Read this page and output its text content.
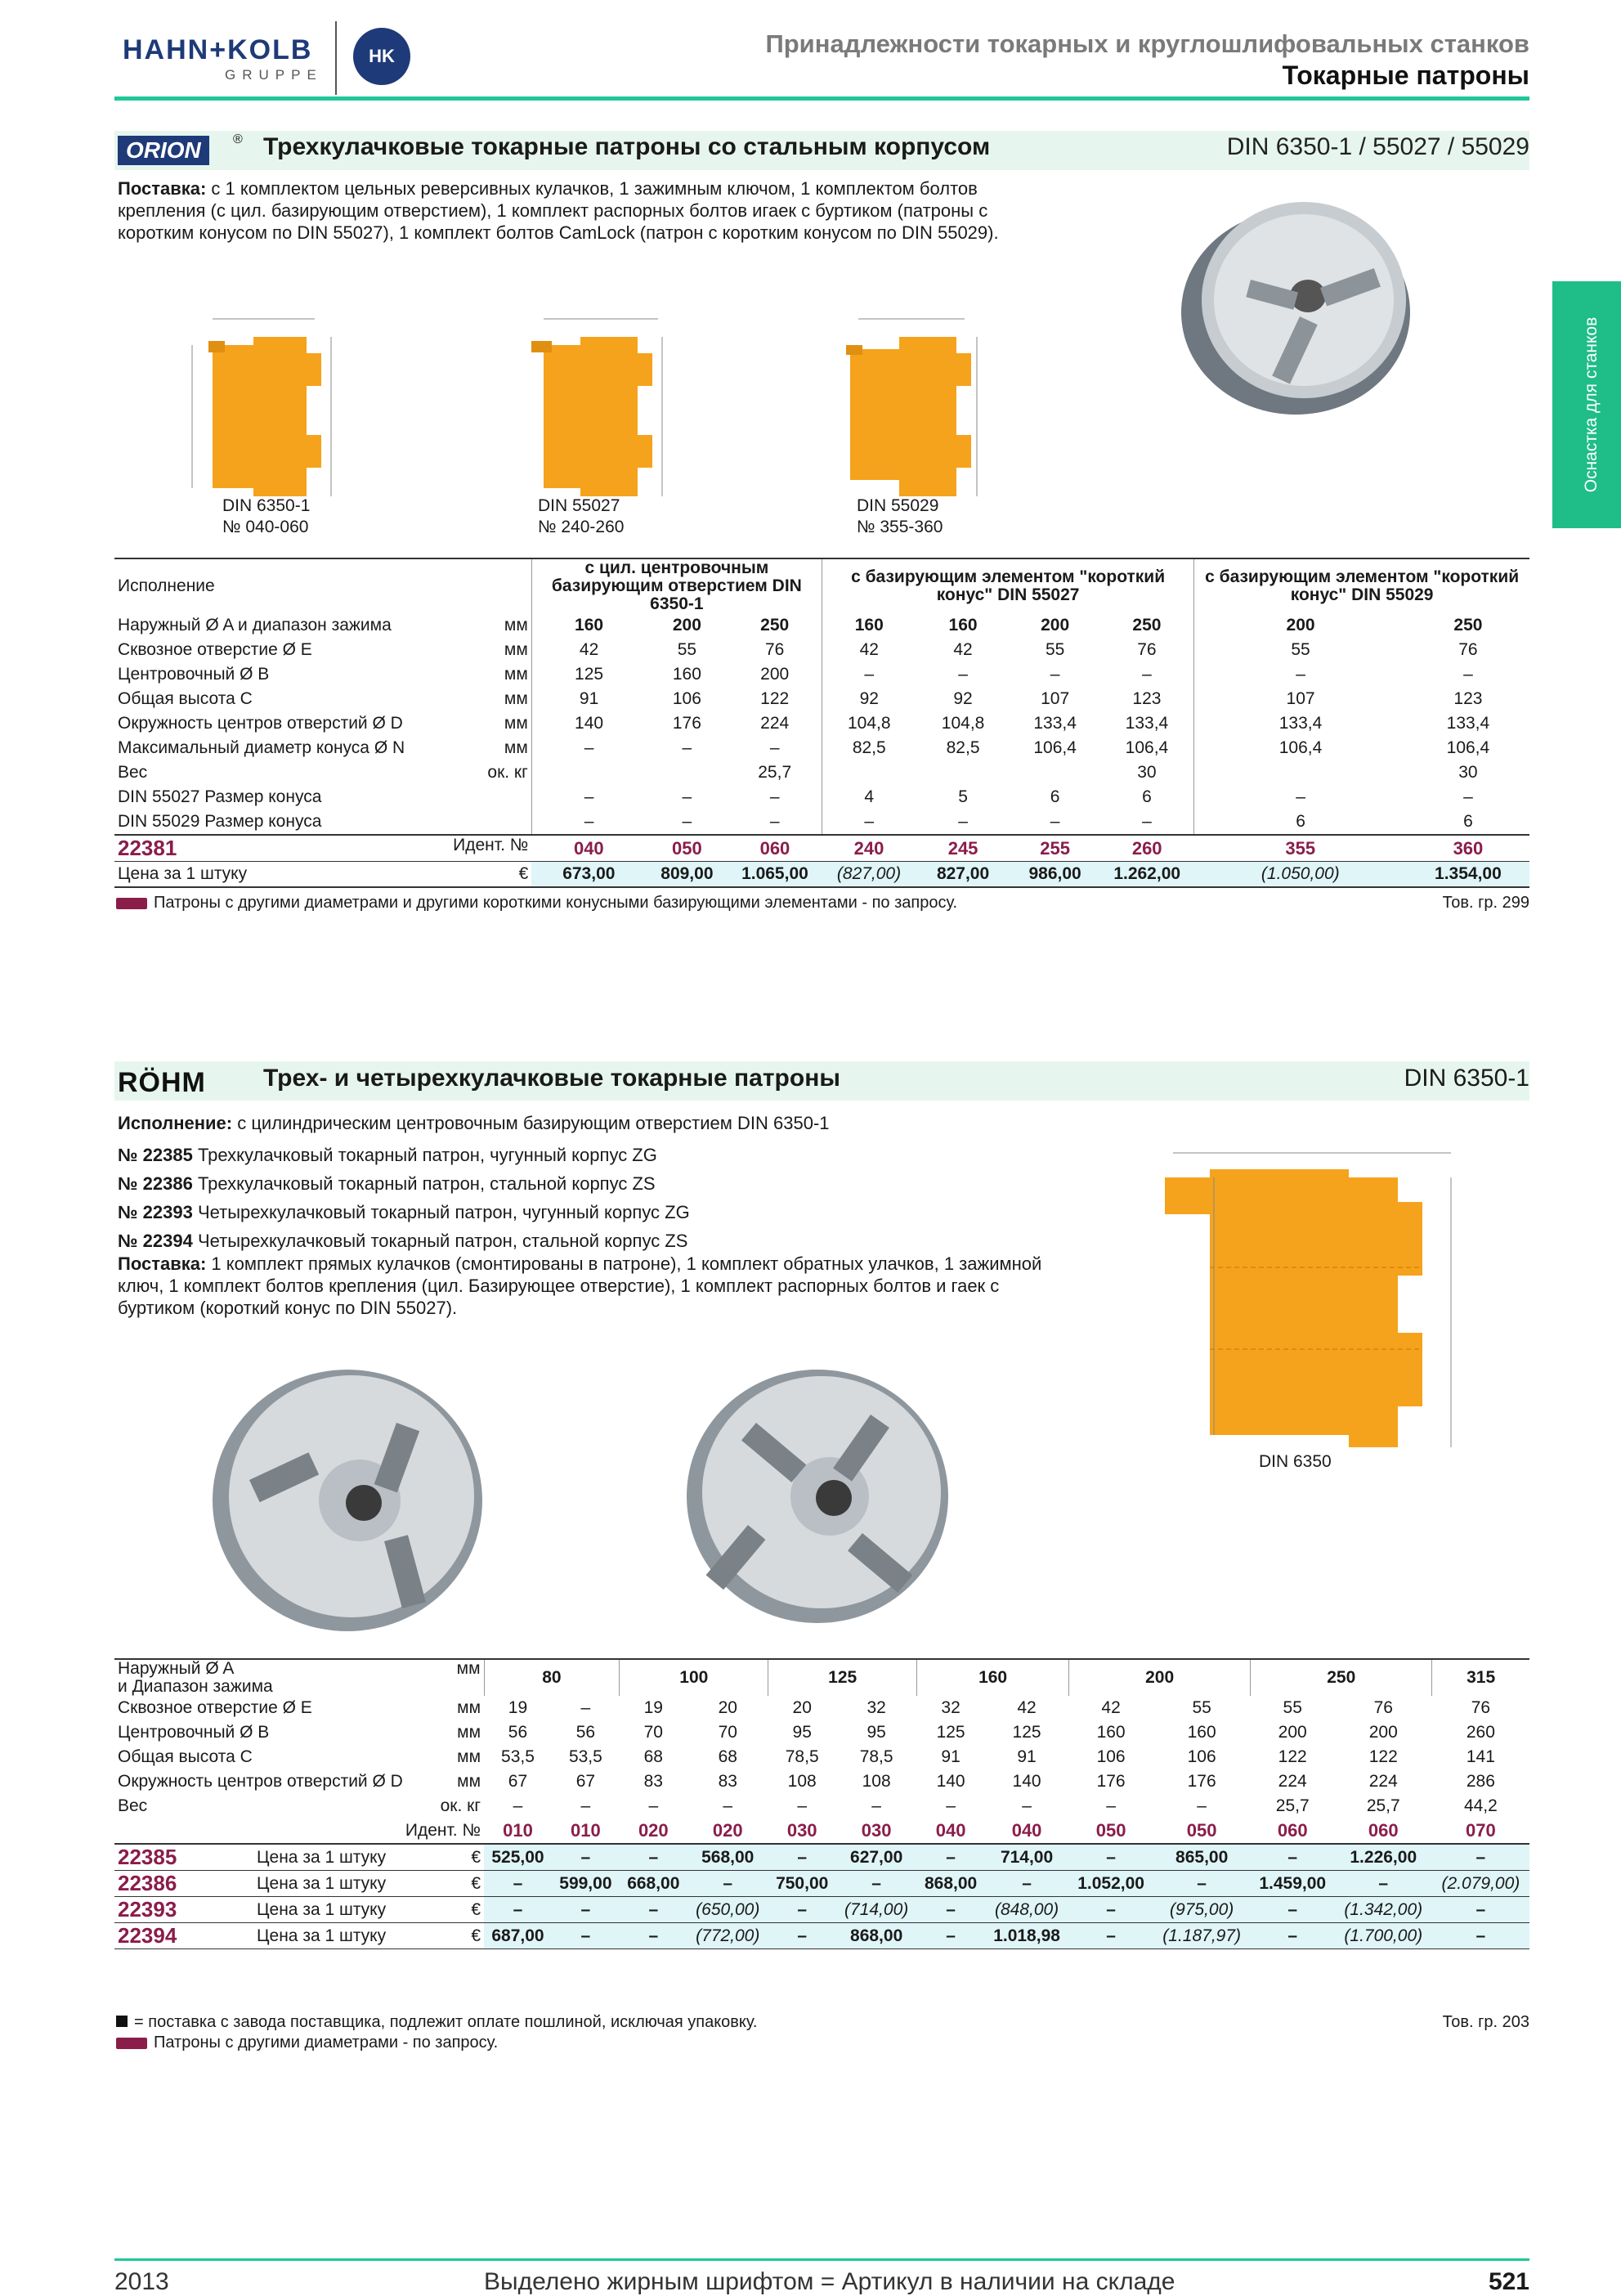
HAHN+KOLB
GRUPPE
HK	Принадлежности токарных и круглошлифовальных станков
Токарные патроны
Оснастка для станков
ORION	® Трехкулачковые токарные патроны со стальным корпусом	DIN 6350-1 / 55027 / 55029
Поставка: с 1 комплектом цельных реверсивных кулачков, 1 зажимным ключом, 1 комплектом болтов крепления (с цил. базирующим отверстием), 1 комплект распорных болтов игаек с буртиком (патроны с коротким конусом по DIN 55027), 1 комплект болтов CamLock (патрон с коротким конусом по DIN 55029).
DIN 6350-1
№ 040-060
DIN 55027
№ 240-260
DIN 55029
№ 355-360
Исполнение	с цил. центровочным базирующим отверстием DIN 6350-1			с базирующим элементом "короткий конус" DIN 55027				с базирующим элементом "короткий конус" DIN 55029	
Наружный Ø A и диапазон зажима мм	160	200	250	160	160	200	250	200	250
Сквозное отверстие Ø E мм	42	55	76	42	42	55	76	55	76
Центровочный Ø B мм	125	160	200	–	–	–	–	–	–
Общая высота C мм	91	106	122	92	92	107	123	107	123
Окружность центров отверстий Ø D мм	140	176	224	104,8	104,8	133,4	133,4	133,4	133,4
Максимальный диаметр конуса Ø N мм	–	–	–	82,5	82,5	106,4	106,4	106,4	106,4
Вес ок. кг			25,7				30		30
DIN 55027 Размер конуса	–	–	–	4	5	6	6	–	–
DIN 55029 Размер конуса	–	–	–	–	–	–	–	6	6
22381 Идент. №	040	050	060	240	245	255	260	355	360
Цена за 1 штуку €	673,00	809,00	1.065,00	(827,00)	827,00	986,00	1.262,00	(1.050,00)	1.354,00
Патроны с другими диаметрами и другими короткими конусными базирующими элементами - по запросу.	Тов. гр. 299
RÖHM Трех- и четырехкулачковые токарные патроны	DIN 6350-1
Исполнение: с цилиндрическим центровочным базирующим отверстием DIN 6350-1
№ 22385 Трехкулачковый токарный патрон, чугунный корпус ZG
№ 22386 Трехкулачковый токарный патрон, стальной корпус ZS
№ 22393 Четырехкулачковый токарный патрон, чугунный корпус ZG
№ 22394 Четырехкулачковый токарный патрон, стальной корпус ZS
Поставка: 1 комплект прямых кулачков (смонтированы в патроне), 1 комплект обратных улачков, 1 зажимной ключ, 1 комплект болтов крепления (цил. Базирующее отверстие), 1 комплект распорных болтов и гаек с буртиком (короткий конус по DIN 55027).
DIN 6350
Наружный Ø A мм

и Диапазон зажима		80		100		125		160		200		250		315
Сквозное отверстие Ø E мм		19	–	19	20	20	32	32	42	42	55	55	76	76
Центровочный Ø B мм		56	56	70	70	95	95	125	125	160	160	200	200	260
Общая высота C мм		53,5	53,5	68	68	78,5	78,5	91	91	106	106	122	122	141
Окружность центров отверстий Ø D мм		67	67	83	83	108	108	140	140	176	176	224	224	286
Вес ок. кг		–	–	–	–	–	–	–	–	–	–	25,7	25,7	44,2
Идент. №		010	010	020	020	030	030	040	040	050	050	060	060	070
22385	Цена за 1 штуку €	525,00	–	–	568,00	–	627,00	–	714,00	–	865,00	–	1.226,00	–
22386	Цена за 1 штуку €	–	599,00	668,00	–	750,00	–	868,00	–	1.052,00	–	1.459,00	–	(2.079,00)
22393	Цена за 1 штуку €	–	–	–	(650,00)	–	(714,00)	–	(848,00)	–	(975,00)	–	(1.342,00)	–
22394	Цена за 1 штуку €	687,00	–	–	(772,00)	–	868,00	–	1.018,98	–	(1.187,97)	–	(1.700,00)	–
= поставка с завода поставщика, подлежит оплате пошлиной, исключая упаковку.
Патроны с другими диаметрами - по запросу.
Тов. гр. 203
2013	Выделено жирным шрифтом = Артикул в наличии на складе	521
